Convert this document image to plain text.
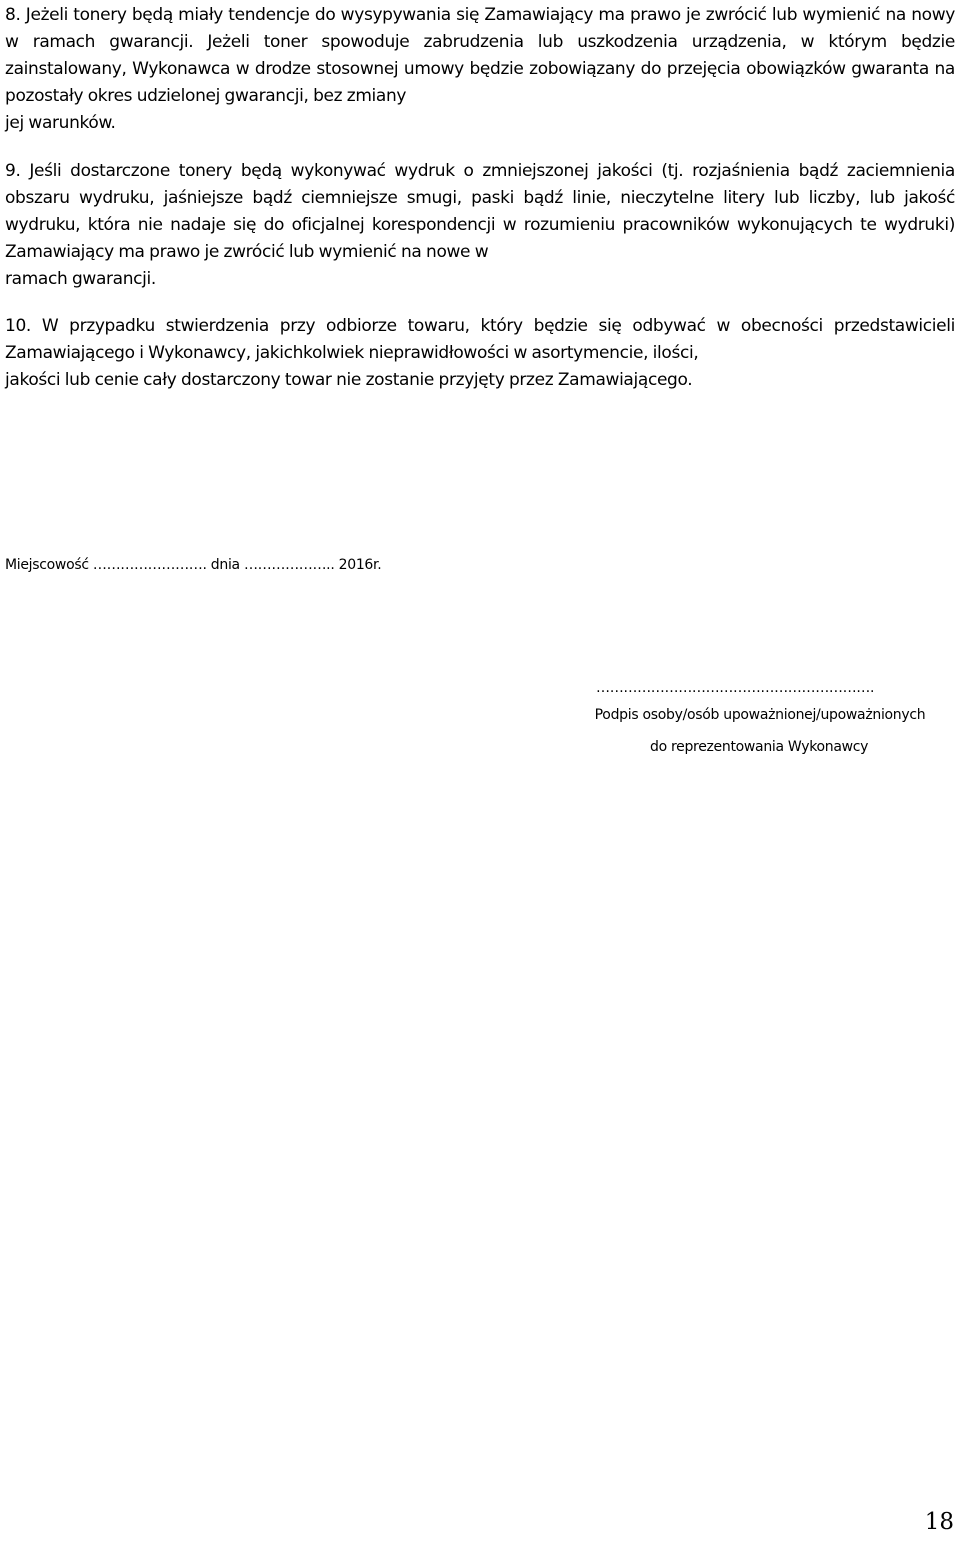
8. Jeżeli tonery będą miały tendencje do wysypywania się Zamawiający ma prawo je zwrócić lub wymienić na nowy w ramach gwarancji. Jeżeli toner spowoduje zabrudzenia lub uszkodzenia urządzenia, w którym będzie zainstalowany, Wykonawca w drodze stosownej umowy będzie zobowiązany do przejęcia obowiązków gwaranta na pozostały okres udzielonej gwarancji, bez zmiany
jej warunków.
9. Jeśli dostarczone tonery będą wykonywać wydruk o zmniejszonej jakości (tj. rozjaśnienia bądź zaciemnienia obszaru wydruku, jaśniejsze bądź ciemniejsze smugi, paski bądź linie, nieczytelne litery lub liczby, lub jakość wydruku, która nie nadaje się do oficjalnej korespondencji w rozumieniu pracowników wykonujących te wydruki) Zamawiający ma prawo je zwrócić lub wymienić na nowe w
ramach gwarancji.
10. W przypadku stwierdzenia przy odbiorze towaru, który będzie się odbywać w obecności przedstawicieli Zamawiającego i Wykonawcy, jakichkolwiek nieprawidłowości w asortymencie, ilości,
jakości lub cenie cały dostarczony towar nie zostanie przyjęty przez Zamawiającego.
Miejscowość ……………………. dnia ……………….. 2016r.
…………………………………………………….
Podpis osoby/osób upoważnionej/upoważnionych
do reprezentowania Wykonawcy
18
